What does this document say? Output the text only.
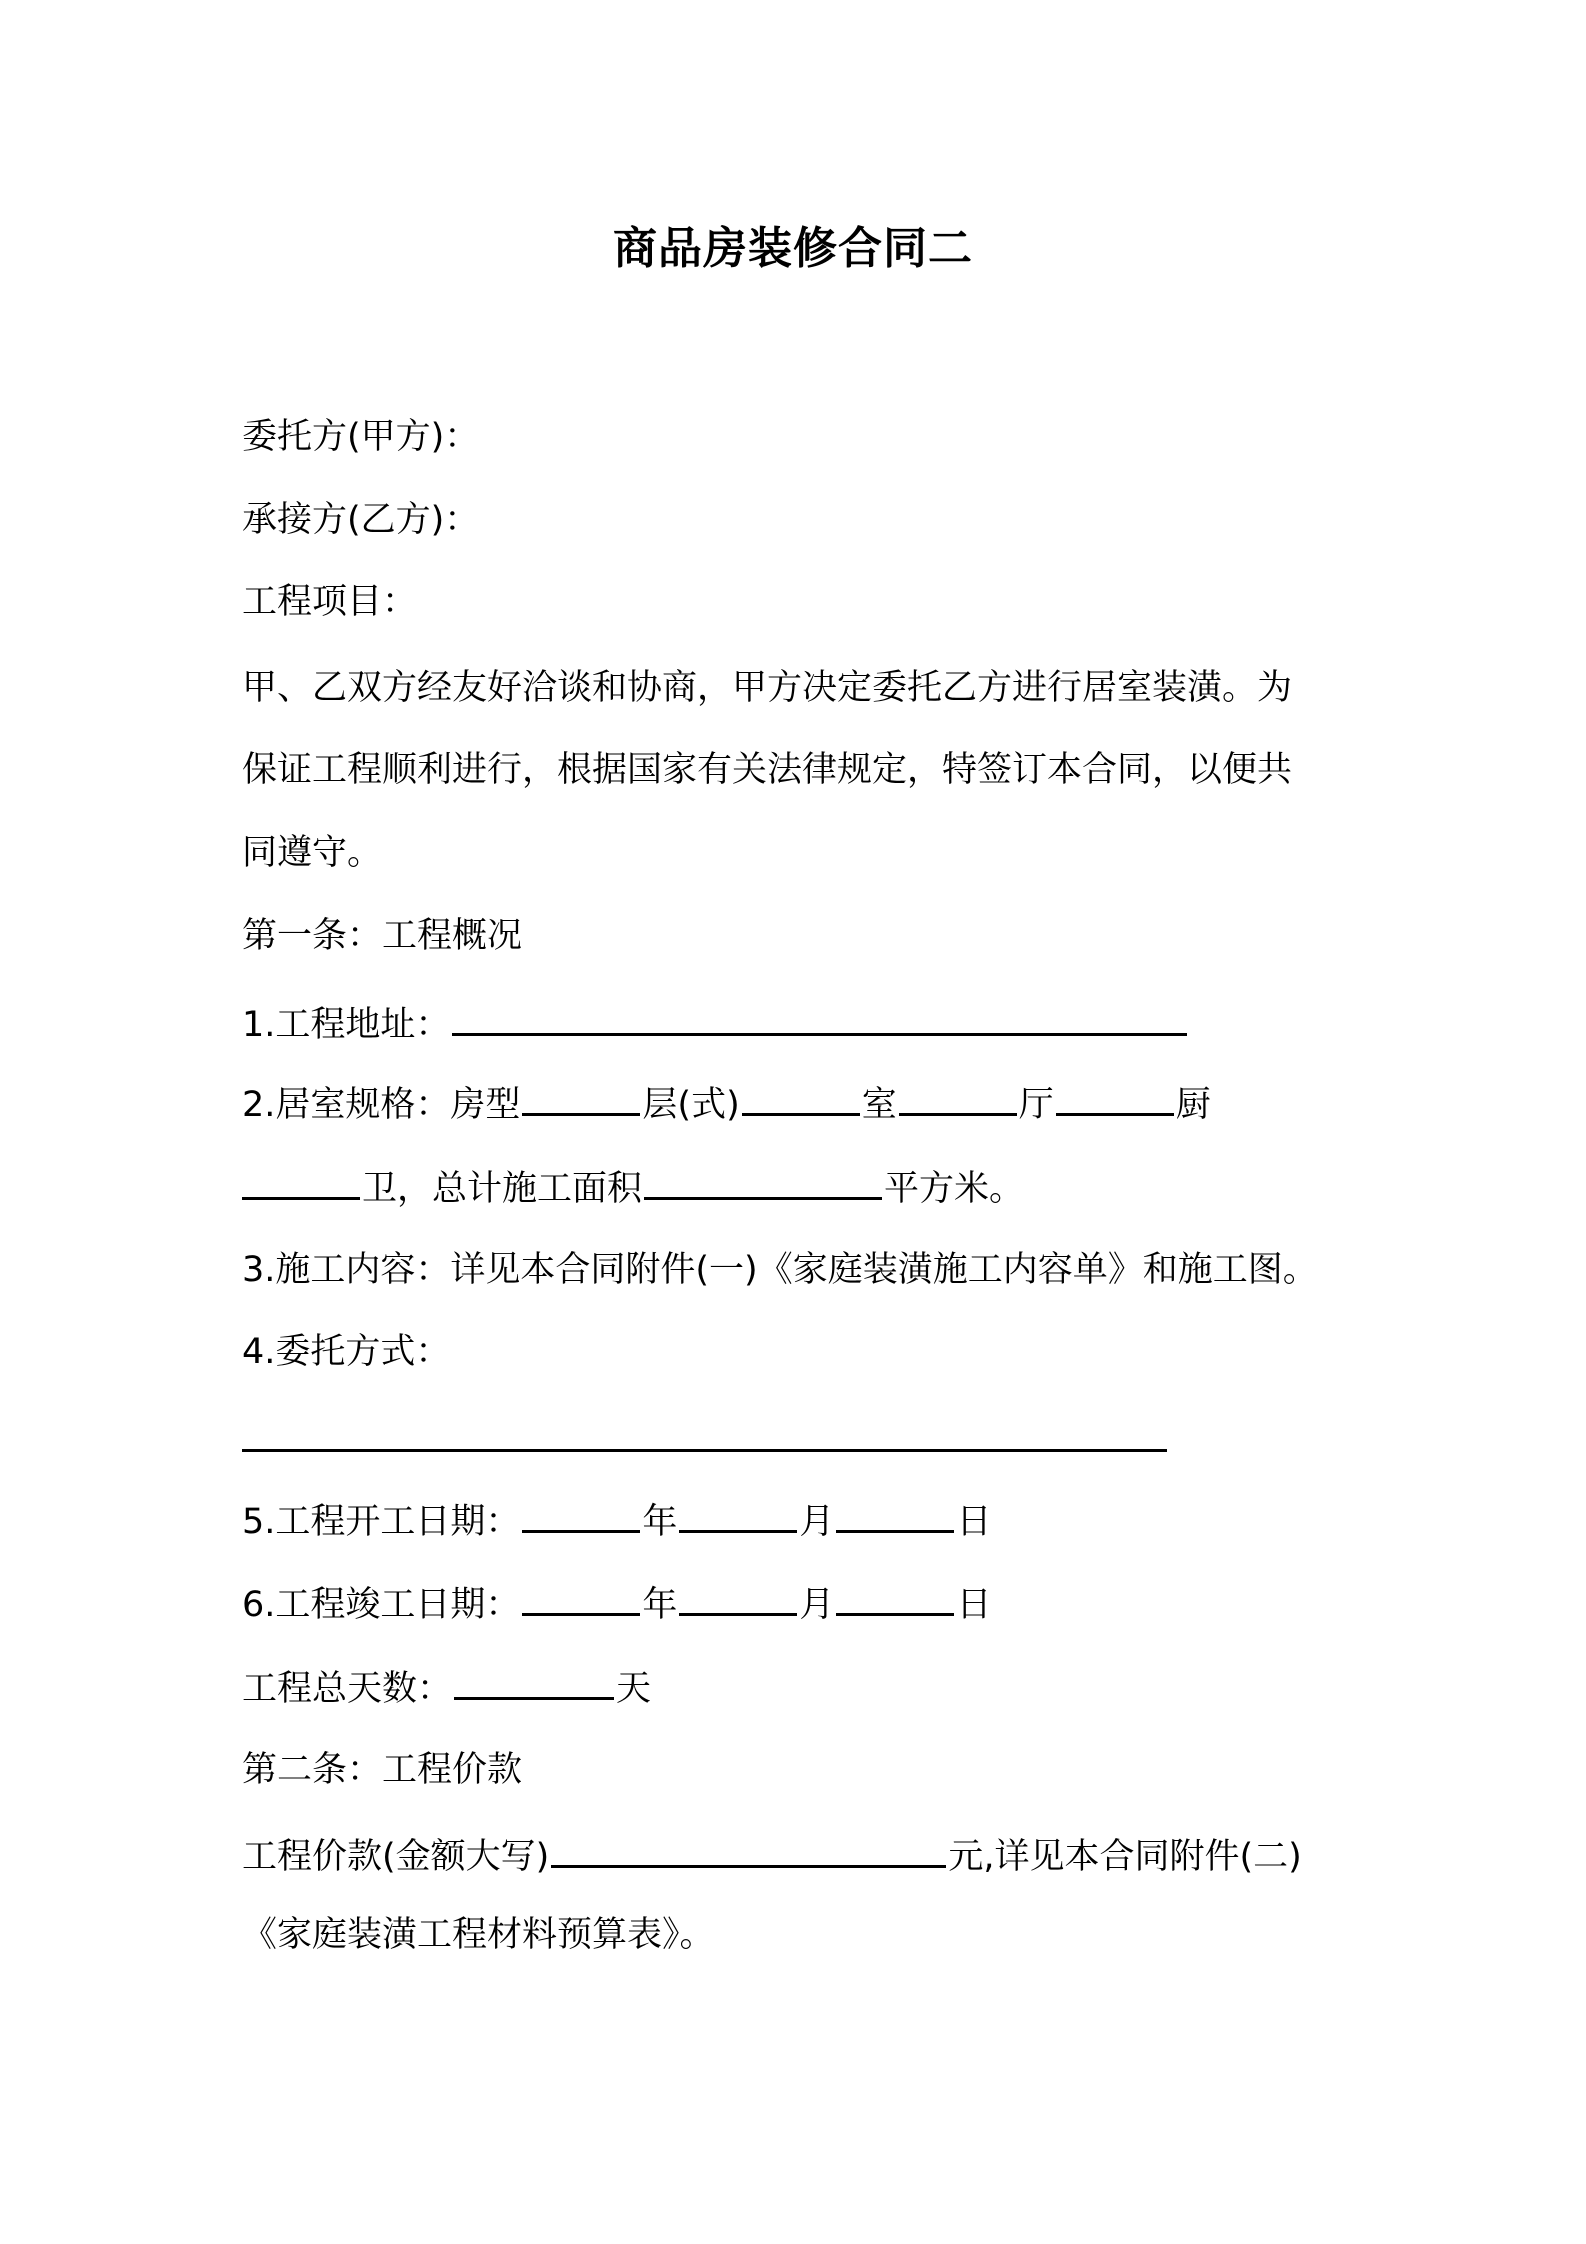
商品房装修合同二
委托方(甲方)：
承接方(乙方)：
工程项目：
甲、乙双方经友好洽谈和协商，甲方决定委托乙方进行居室装潢。为
保证工程顺利进行，根据国家有关法律规定，特签订本合同，以便共
同遵守。
第一条：工程概况
1.工程地址：
2.居室规格：房型	层(式)	室	厅	厨
卫，总计施工面积	平方米。
3.施工内容：详见本合同附件(一)《家庭装潢施工内容单》和施工图。
4.委托方式：
5.工程开工日期：	年	月	日
6.工程竣工日期：	年	月	日
工程总天数：	天
第二条：工程价款
工程价款(金额大写)	元,详见本合同附件(二)
《家庭装潢工程材料预算表》。
